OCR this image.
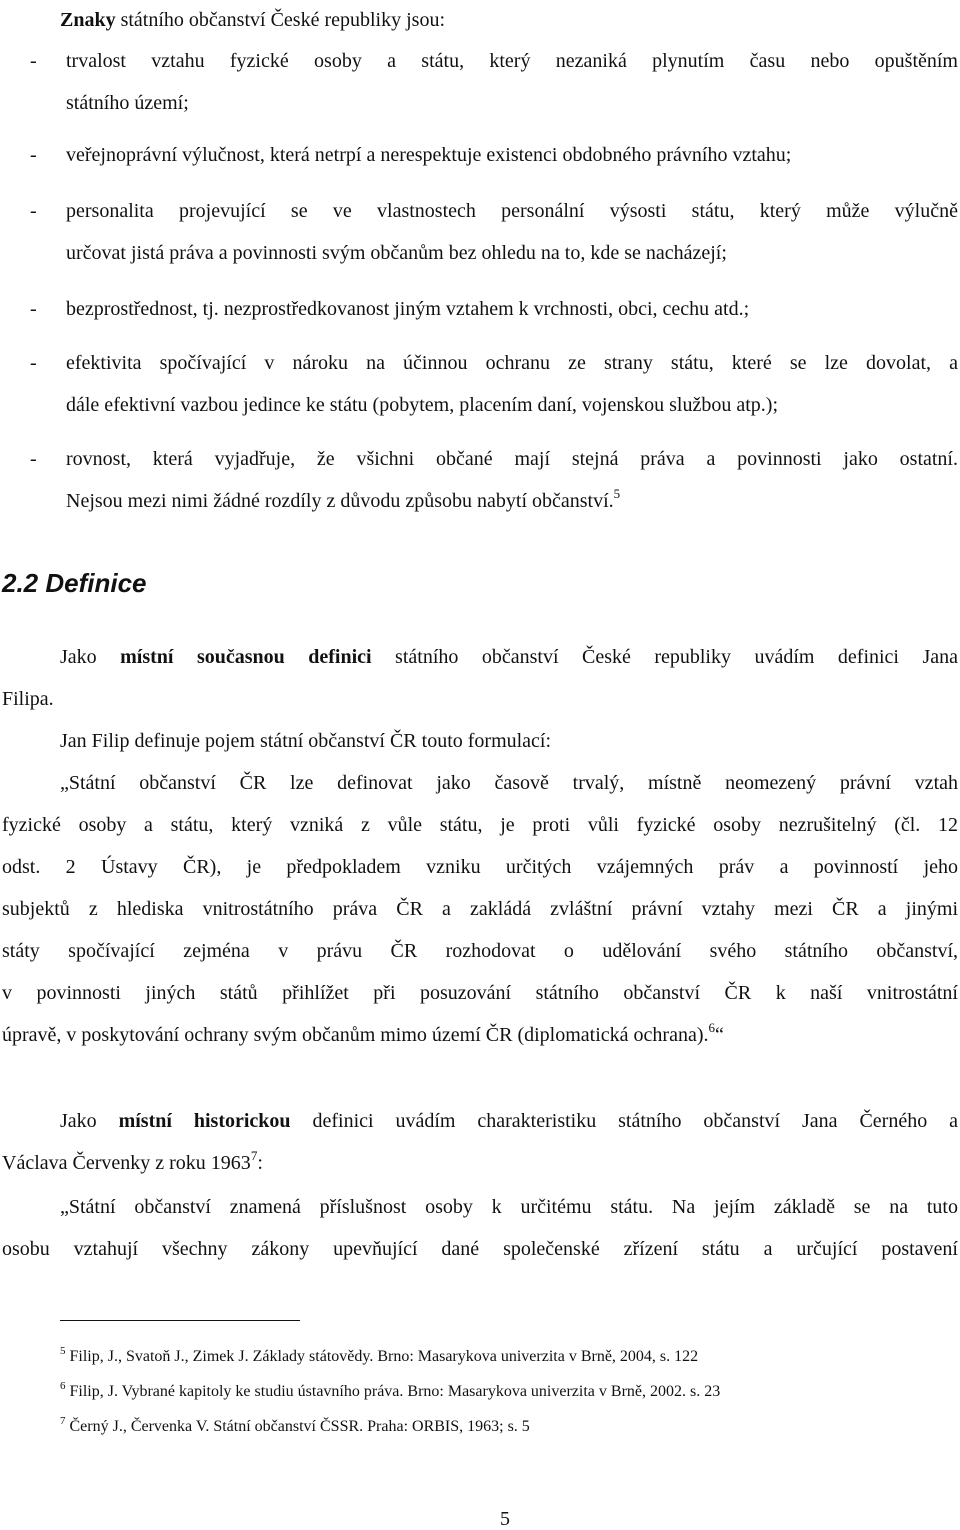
Znaky státního občanství České republiky jsou:
- trvalost vztahu fyzické osoby a státu, který nezaniká plynutím času nebo opuštěním
státního území;
- veřejnoprávní výlučnost, která netrpí a nerespektuje existenci obdobného právního vztahu;
- personalita projevující se ve vlastnostech personální výsosti státu, který může výlučně
určovat jistá práva a povinnosti svým občanům bez ohledu na to, kde se nacházejí;
- bezprostřednost, tj. nezprostředkovanost jiným vztahem k vrchnosti, obci, cechu atd.;
- efektivita spočívající v nároku na účinnou ochranu ze strany státu, které se lze dovolat, a
dále efektivní vazbou jedince ke státu (pobytem, placením daní, vojenskou službou atp.);
- rovnost, která vyjadřuje, že všichni občané mají stejná práva a povinnosti jako ostatní.
Nejsou mezi nimi žádné rozdíly z důvodu způsobu nabytí občanství.$^5$
2.2 Definice
Jako místní současnou definici státního občanství České republiky uvádím definici Jana
Filipa.
Jan Filip definuje pojem státní občanství ČR touto formulací:
„Státní občanství ČR lze definovat jako časově trvalý, místně neomezený právní vztah
fyzické osoby a státu, který vzniká z vůle státu, je proti vůli fyzické osoby nezrušitelný (čl. 12
odst. 2 Ústavy ČR), je předpokladem vzniku určitých vzájemných práv a povinností jeho
subjektů z hlediska vnitrostátního práva ČR a zakládá zvláštní právní vztahy mezi ČR a jinými
státy spočívající zejména v právu ČR rozhodovat o udělování svého státního občanství,
v povinnosti jiných států přihlížet při posuzování státního občanství ČR k naší vnitrostátní
úpravě, v poskytování ochrany svým občanům mimo území ČR (diplomatická ochrana).$^6$“
Jako místní historickou definici uvádím charakteristiku státního občanství Jana Černého a
Václava Červenky z roku 1963$^7$:
„Státní občanství znamená příslušnost osoby k určitému státu. Na jejím základě se na tuto
osobu vztahují všechny zákony upevňující dané společenské zřízení státu a určující postavení
$^5$ Filip, J., Svatoň J., Zimek J. Základy státovědy. Brno: Masarykova univerzita v Brně, 2004, s. 122
$^6$ Filip, J. Vybrané kapitoly ke studiu ústavního práva. Brno: Masarykova univerzita v Brně, 2002. s. 23
$^7$ Černý J., Červenka V. Státní občanství ČSSR. Praha: ORBIS, 1963; s. 5
5
